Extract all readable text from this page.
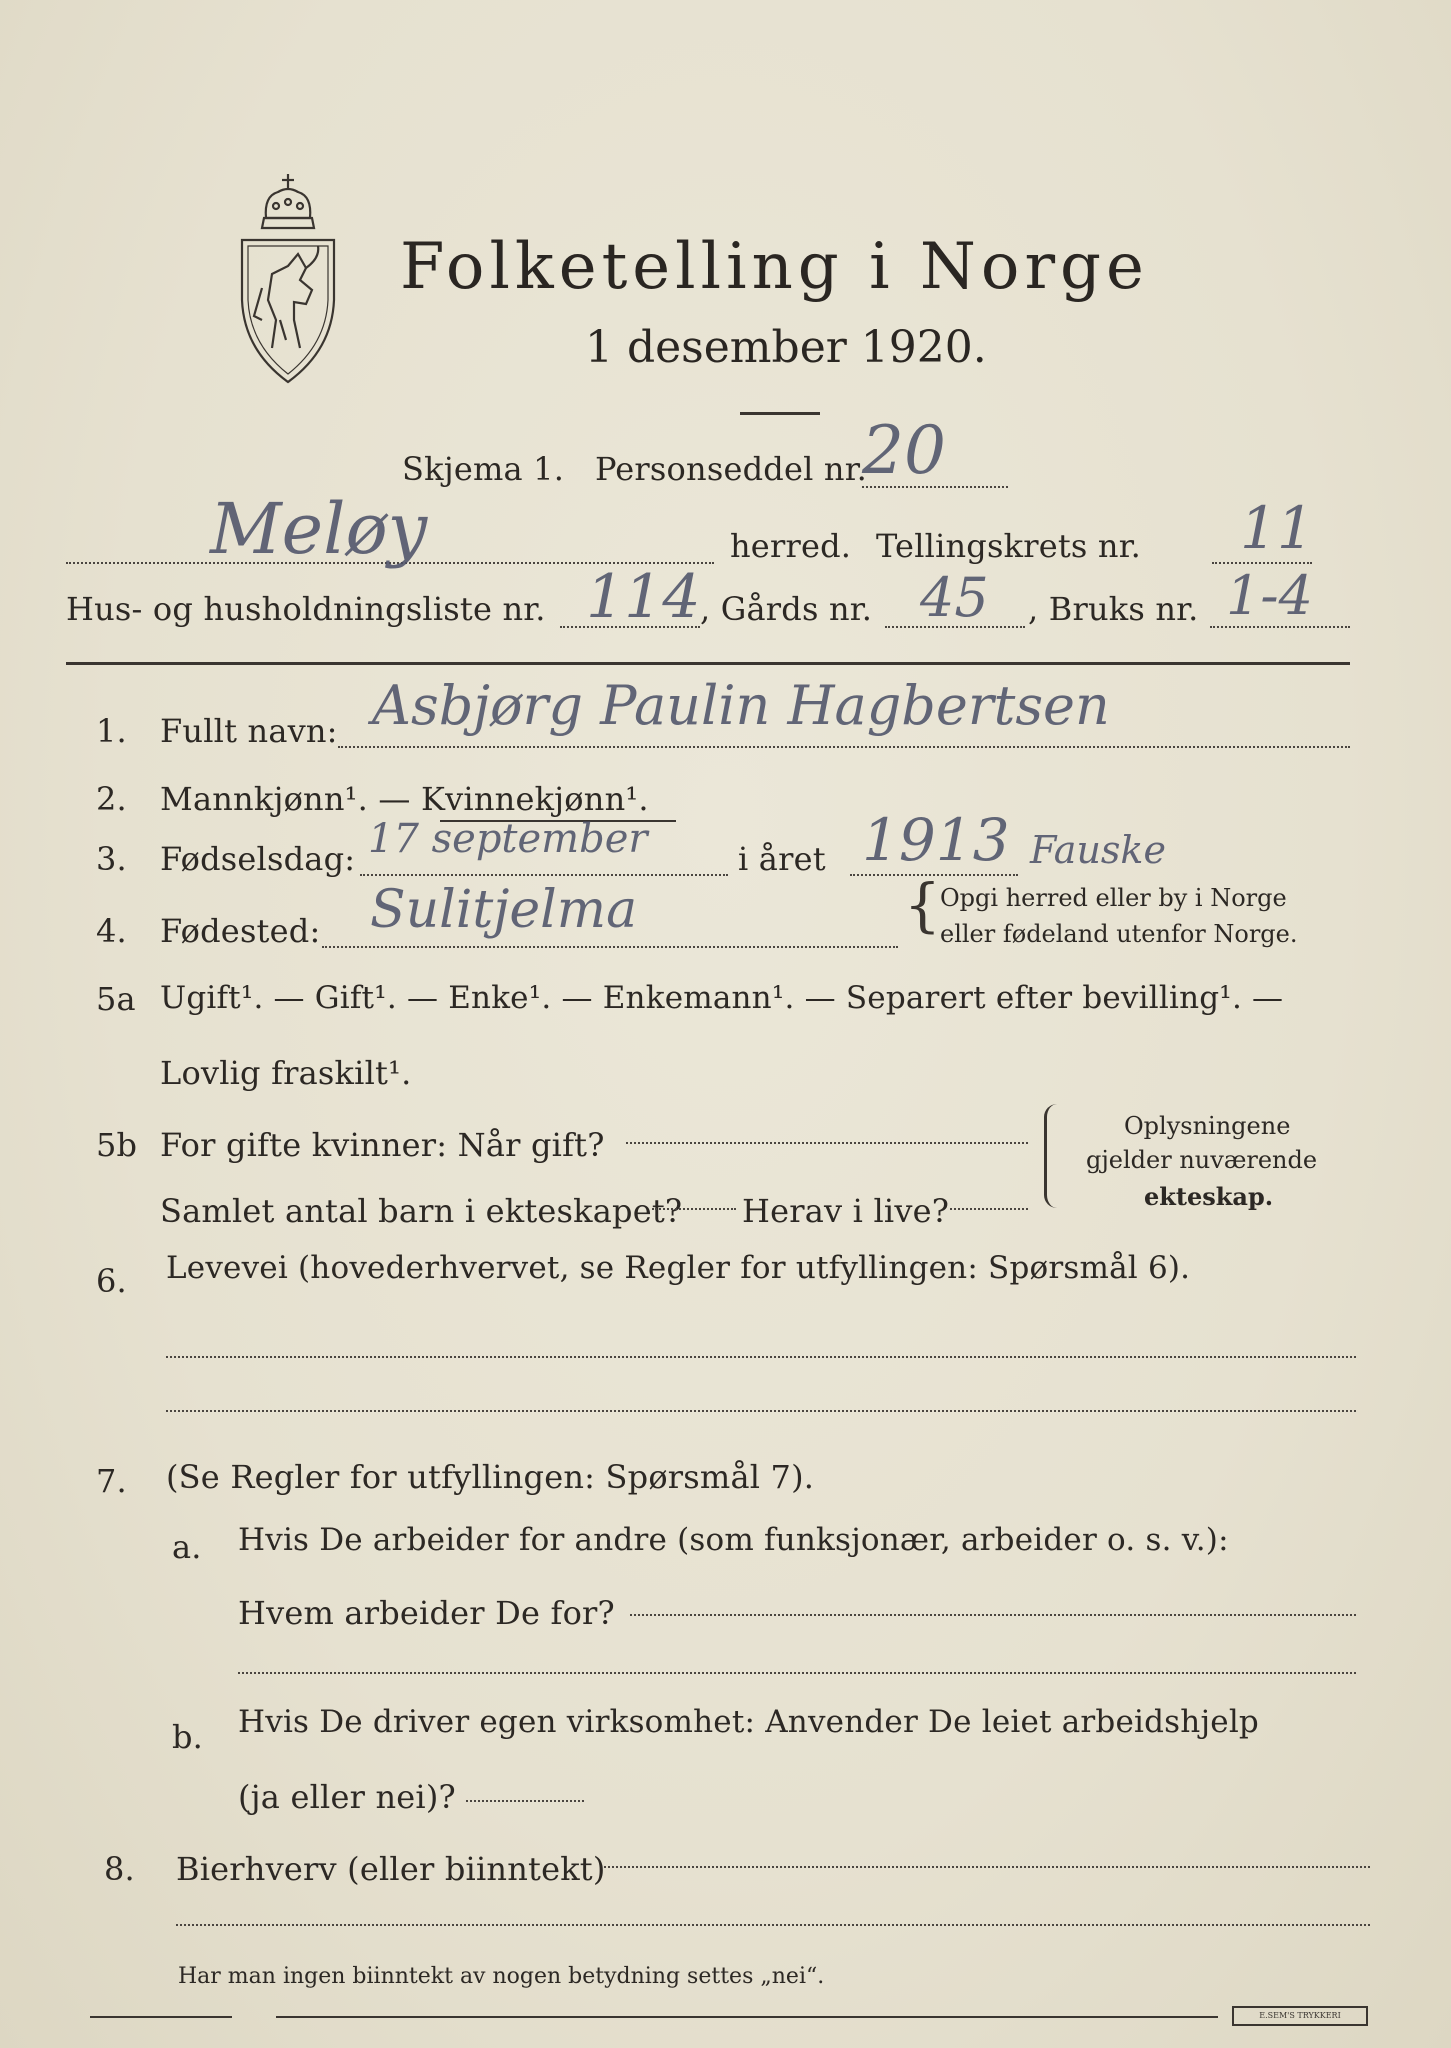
Folketelling i Norge
1 desember 1920.
Skjema 1. Personseddel nr.
20
Meløy	herred. Tellingskrets nr. 11
Hus- og husholdningsliste nr. 114 , Gårds nr. 45 , Bruks nr. 1-4
1. Fullt navn: Asbjørg Paulin Hagbertsen
2. Mannkjønn¹. — Kvinnekjønn¹.
3. Fødselsdag: 17 september	i året 1913
4. Fødested: Sulitjelma
Fauske
{ Opgi herred eller by i Norge
eller fødeland utenfor Norge.
5a Ugift¹. — Gift¹. — Enke¹. — Enkemann¹. — Separert efter bevilling¹. —
Lovlig fraskilt¹.
5b For gifte kvinner: Når gift?
Samlet antal barn i ekteskapet? Herav i live?
Oplysningene
gjelder nuværende
ekteskap.
6. Levevei (hovederhvervet, se Regler for utfyllingen: Spørsmål 6).
7. (Se Regler for utfyllingen: Spørsmål 7).
a. Hvis De arbeider for andre (som funksjonær, arbeider o. s. v.):
Hvem arbeider De for?
b. Hvis De driver egen virksomhet: Anvender De leiet arbeidshjelp
(ja eller nei)?
8. Bierhverv (eller biinntekt)
Har man ingen biinntekt av nogen betydning settes „nei“.
E.SEM'S TRYKKERI
